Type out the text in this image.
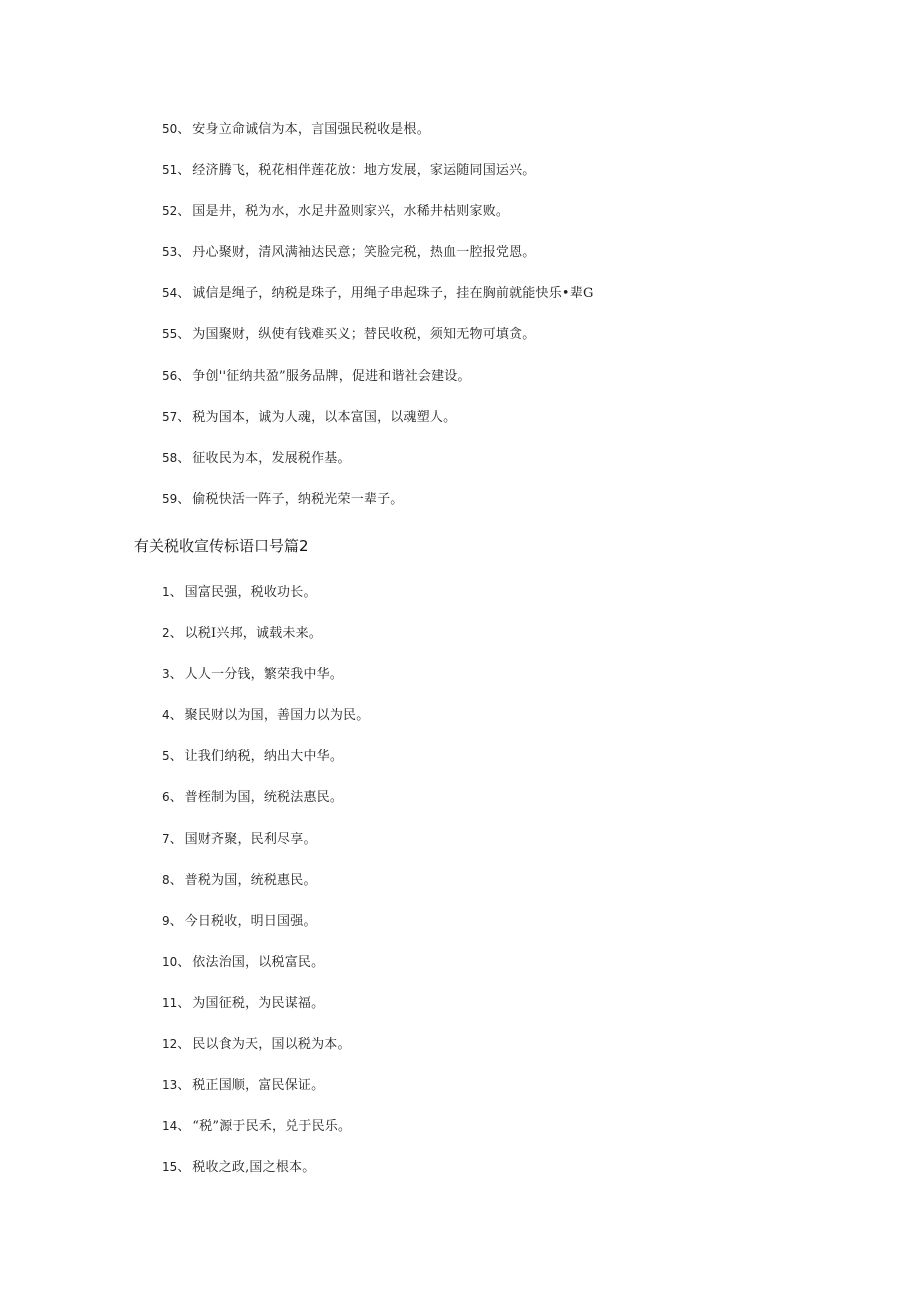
50、 安身立命诚信为本，言国强民税收是根。
51、 经济腾飞，税花相伴莲花放：地方发展，家运随同国运兴。
52、 国是井，税为水，水足井盈则家兴，水稀井枯则家败。
53、 丹心聚财，清风满袖达民意；笑脸完税，热血一腔报党恩。
54、 诚信是绳子，纳税是珠子，用绳子串起珠子，挂在胸前就能快乐•辈G
55、 为国聚财，纵使有钱难买义；替民收税，须知无物可填贪。
56、 争创''征纳共盈”服务品牌，促进和谐社会建设。
57、 税为国本，诚为人魂，以本富国，以魂塑人。
58、 征收民为本，发展税作基。
59、 偷税快活一阵子，纳税光荣一辈子。
有关税收宣传标语口号篇2
1、 国富民强，税收功长。
2、 以税I兴邦，诚载未来。
3、 人人一分钱，繁荣我中华。
4、 聚民财以为国，善国力以为民。
5、 让我们纳税，纳出大中华。
6、 普桎制为国，统税法惠民。
7、 国财齐聚，民利尽享。
8、 普税为国，统税惠民。
9、 今日税收，明日国强。
10、 依法治国，以税富民。
11、 为国征税，为民谋福。
12、 民以食为天，国以税为本。
13、 税正国顺，富民保证。
14、 “税”源于民禾，兑于民乐。
15、 税收之政,国之根本。
